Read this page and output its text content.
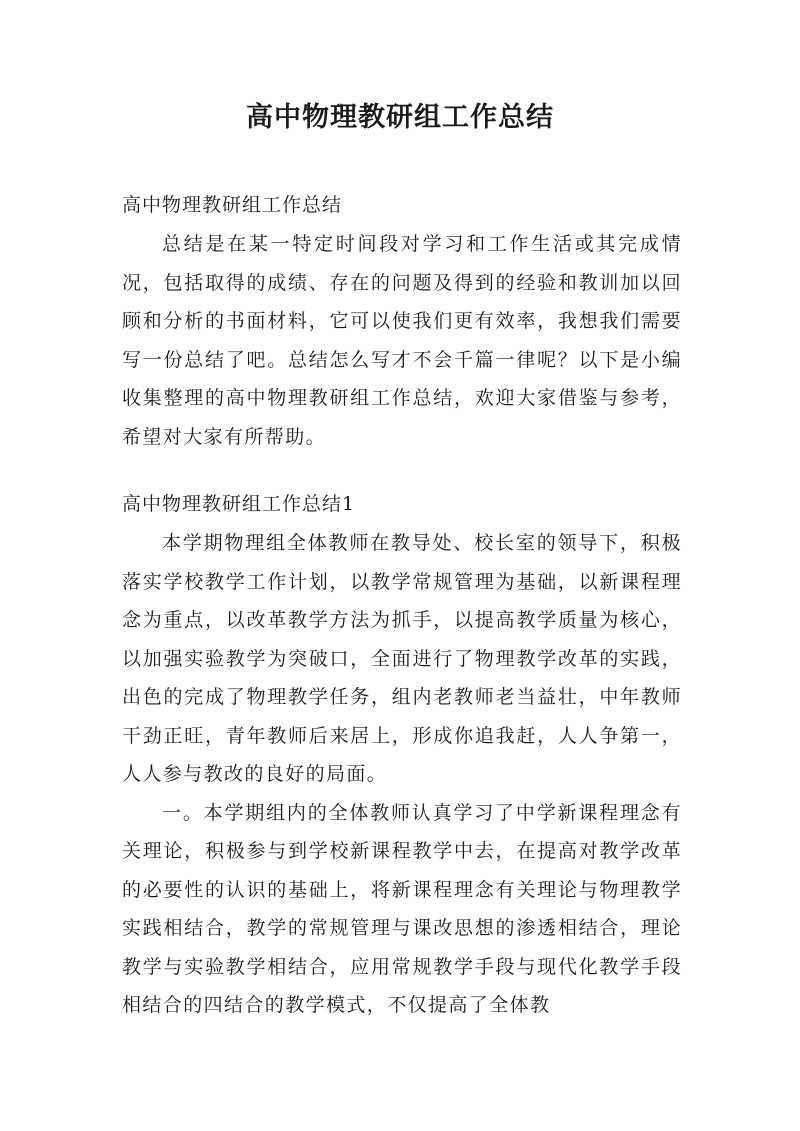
高中物理教研组工作总结
高中物理教研组工作总结

总结是在某一特定时间段对学习和工作生活或其完成情况，包括取得的成绩、存在的问题及得到的经验和教训加以回顾和分析的书面材料，它可以使我们更有效率，我想我们需要写一份总结了吧。总结怎么写才不会千篇一律呢？以下是小编收集整理的高中物理教研组工作总结，欢迎大家借鉴与参考，希望对大家有所帮助。

高中物理教研组工作总结1

本学期物理组全体教师在教导处、校长室的领导下，积极落实学校教学工作计划，以教学常规管理为基础，以新课程理念为重点，以改革教学方法为抓手，以提高教学质量为核心，以加强实验教学为突破口，全面进行了物理教学改革的实践，出色的完成了物理教学任务，组内老教师老当益壮，中年教师干劲正旺，青年教师后来居上，形成你追我赶，人人争第一，人人参与教改的良好的局面。

一。本学期组内的全体教师认真学习了中学新课程理念有关理论，积极参与到学校新课程教学中去，在提高对教学改革的必要性的认识的基础上，将新课程理念有关理论与物理教学实践相结合，教学的常规管理与课改思想的渗透相结合，理论教学与实验教学相结合，应用常规教学手段与现代化教学手段相结合的四结合的教学模式，不仅提高了全体教
